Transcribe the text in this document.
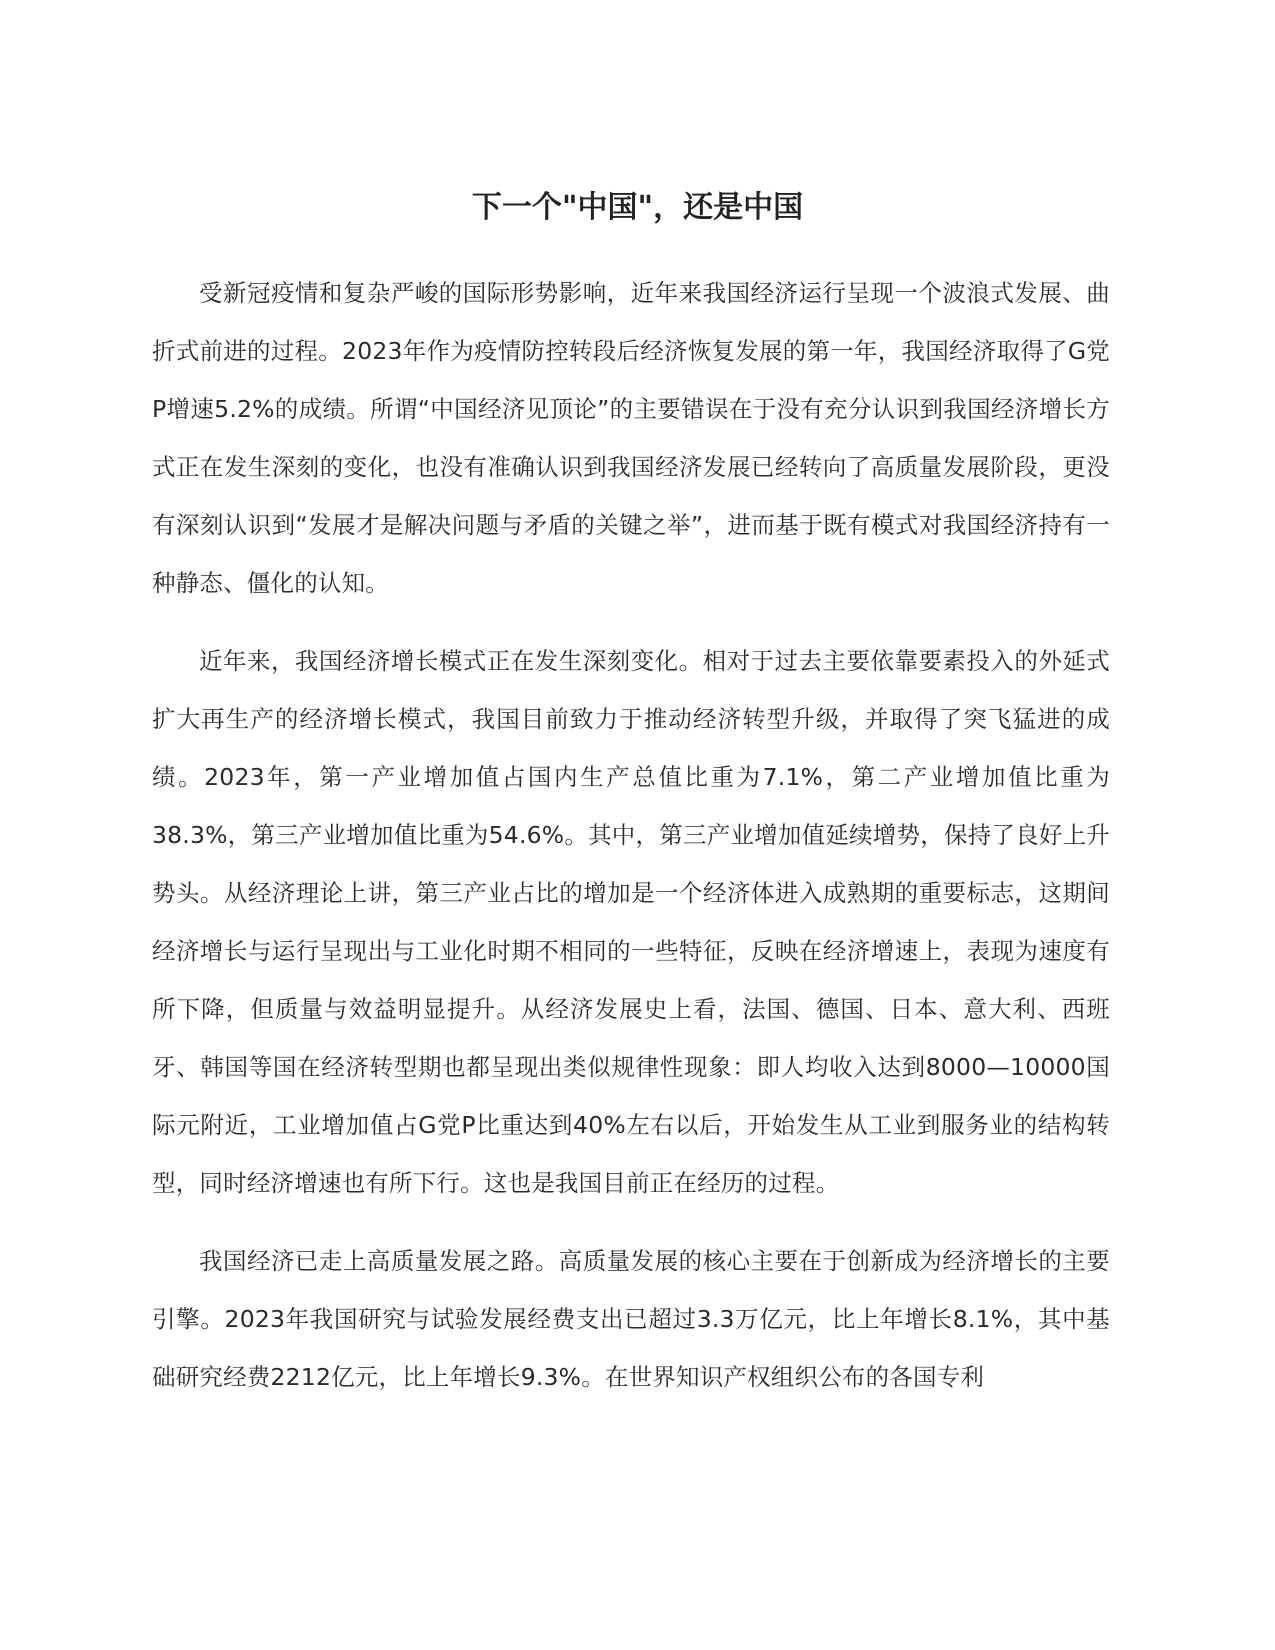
下一个"中国"，还是中国

受新冠疫情和复杂严峻的国际形势影响，近年来我国经济运行呈现一个波浪式发展、曲折式前进的过程。2023年作为疫情防控转段后经济恢复发展的第一年，我国经济取得了G党P增速5.2%的成绩。所谓“中国经济见顶论”的主要错误在于没有充分认识到我国经济增长方式正在发生深刻的变化，也没有准确认识到我国经济发展已经转向了高质量发展阶段，更没有深刻认识到“发展才是解决问题与矛盾的关键之举”，进而基于既有模式对我国经济持有一种静态、僵化的认知。

近年来，我国经济增长模式正在发生深刻变化。相对于过去主要依靠要素投入的外延式扩大再生产的经济增长模式，我国目前致力于推动经济转型升级，并取得了突飞猛进的成绩。2023年，第一产业增加值占国内生产总值比重为7.1%，第二产业增加值比重为38.3%，第三产业增加值比重为54.6%。其中，第三产业增加值延续增势，保持了良好上升势头。从经济理论上讲，第三产业占比的增加是一个经济体进入成熟期的重要标志，这期间经济增长与运行呈现出与工业化时期不相同的一些特征，反映在经济增速上，表现为速度有所下降，但质量与效益明显提升。从经济发展史上看，法国、德国、日本、意大利、西班牙、韩国等国在经济转型期也都呈现出类似规律性现象：即人均收入达到8000—10000国际元附近，工业增加值占G党P比重达到40%左右以后，开始发生从工业到服务业的结构转型，同时经济增速也有所下行。这也是我国目前正在经历的过程。

我国经济已走上高质量发展之路。高质量发展的核心主要在于创新成为经济增长的主要引擎。2023年我国研究与试验发展经费支出已超过3.3万亿元，比上年增长8.1%，其中基础研究经费2212亿元，比上年增长9.3%。在世界知识产权组织公布的各国专利
